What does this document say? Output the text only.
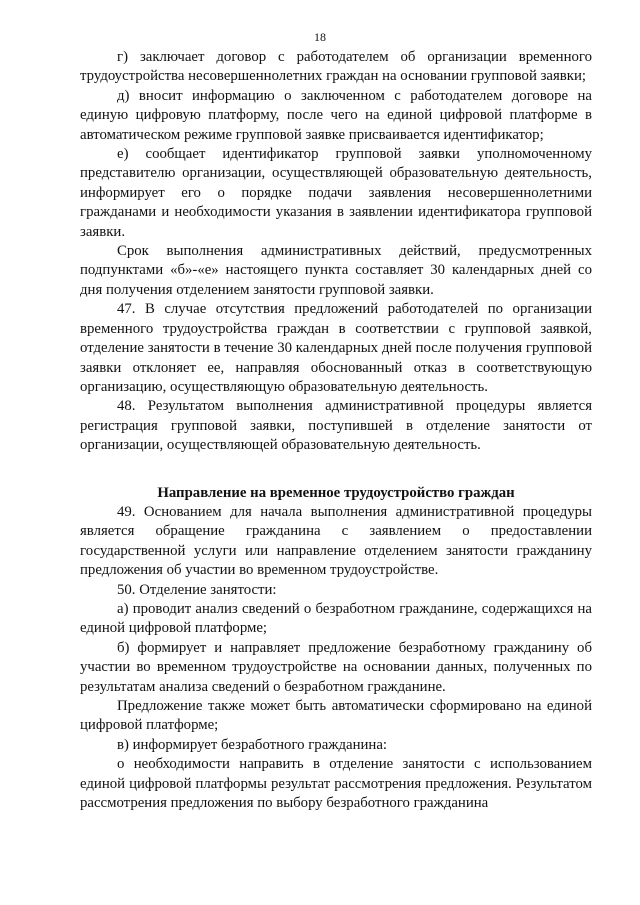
18

г) заключает договор с работодателем об организации временного трудоустройства несовершеннолетних граждан на основании групповой заявки;

д) вносит информацию о заключенном с работодателем договоре на единую цифровую платформу, после чего на единой цифровой платформе в автоматическом режиме групповой заявке присваивается идентификатор;

е) сообщает идентификатор групповой заявки уполномоченному представителю организации, осуществляющей образовательную деятельность, информирует его о порядке подачи заявления несовершеннолетними гражданами и необходимости указания в заявлении идентификатора групповой заявки.

Срок выполнения административных действий, предусмотренных подпунктами «б»-«е» настоящего пункта составляет 30 календарных дней со дня получения отделением занятости групповой заявки.

47. В случае отсутствия предложений работодателей по организации временного трудоустройства граждан в соответствии с групповой заявкой, отделение занятости в течение 30 календарных дней после получения групповой заявки отклоняет ее, направляя обоснованный отказ в соответствующую организацию, осуществляющую образовательную деятельность.

48. Результатом выполнения административной процедуры является регистрация групповой заявки, поступившей в отделение занятости от организации, осуществляющей образовательную деятельность.

Направление на временное трудоустройство граждан

49. Основанием для начала выполнения административной процедуры является обращение гражданина с заявлением о предоставлении государственной услуги или направление отделением занятости гражданину предложения об участии во временном трудоустройстве.

50. Отделение занятости:

а) проводит анализ сведений о безработном гражданине, содержащихся на единой цифровой платформе;

б) формирует и направляет предложение безработному гражданину об участии во временном трудоустройстве на основании данных, полученных по результатам анализа сведений о безработном гражданине.

Предложение также может быть автоматически сформировано на единой цифровой платформе;

в) информирует безработного гражданина:

о необходимости направить в отделение занятости с использованием единой цифровой платформы результат рассмотрения предложения. Результатом рассмотрения предложения по выбору безработного гражданина
